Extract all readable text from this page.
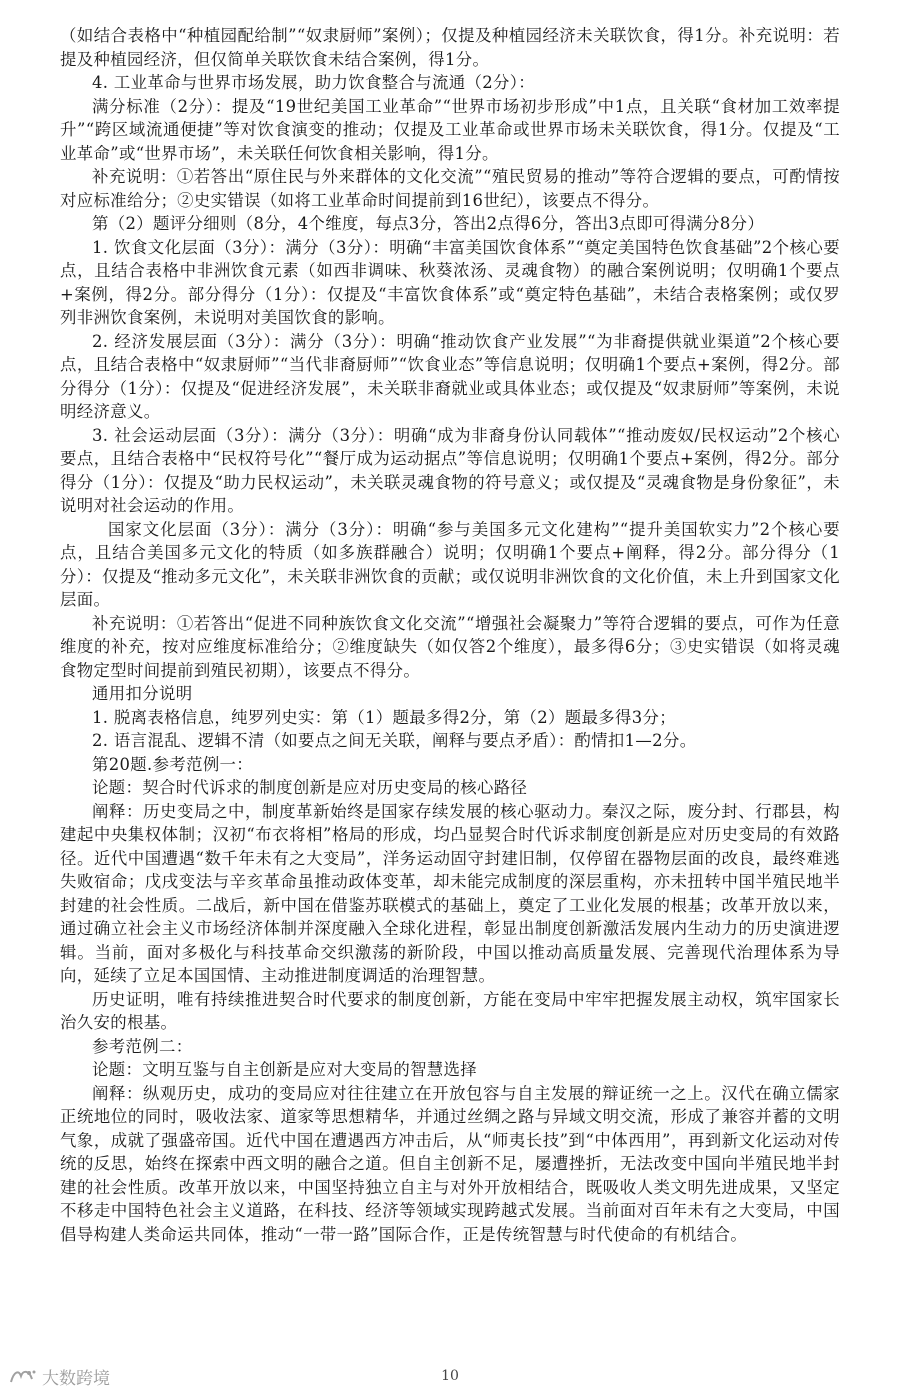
（如结合表格中“种植园配给制”“奴隶厨师”案例）；仅提及种植园经济未关联饮食，得1分。补充说明：若提及种植园经济，但仅简单关联饮食未结合案例，得1分。

4. 工业革命与世界市场发展，助力饮食整合与流通（2分）：

满分标准（2分）：提及“19世纪美国工业革命”“世界市场初步形成”中1点，且关联“食材加工效率提升”“跨区域流通便捷”等对饮食演变的推动；仅提及工业革命或世界市场未关联饮食，得1分。仅提及“工业革命”或“世界市场”，未关联任何饮食相关影响，得1分。

补充说明：①若答出“原住民与外来群体的文化交流”“殖民贸易的推动”等符合逻辑的要点，可酌情按对应标准给分；②史实错误（如将工业革命时间提前到16世纪），该要点不得分。

第（2）题评分细则（8分，4个维度，每点3分，答出2点得6分，答出3点即可得满分8分）

1. 饮食文化层面（3分）：满分（3分）：明确“丰富美国饮食体系”“奠定美国特色饮食基础”2个核心要点，且结合表格中非洲饮食元素（如西非调味、秋葵浓汤、灵魂食物）的融合案例说明；仅明确1个要点+案例，得2分。部分得分（1分）：仅提及“丰富饮食体系”或“奠定特色基础”，未结合表格案例；或仅罗列非洲饮食案例，未说明对美国饮食的影响。

2. 经济发展层面（3分）：满分（3分）：明确“推动饮食产业发展”“为非裔提供就业渠道”2个核心要点，且结合表格中“奴隶厨师”“当代非裔厨师”“饮食业态”等信息说明；仅明确1个要点+案例，得2分。部分得分（1分）：仅提及“促进经济发展”，未关联非裔就业或具体业态；或仅提及“奴隶厨师”等案例，未说明经济意义。

3. 社会运动层面（3分）：满分（3分）：明确“成为非裔身份认同载体”“推动废奴/民权运动”2个核心要点，且结合表格中“民权符号化”“餐厅成为运动据点”等信息说明；仅明确1个要点+案例，得2分。部分得分（1分）：仅提及“助力民权运动”，未关联灵魂食物的符号意义；或仅提及“灵魂食物是身份象征”，未说明对社会运动的作用。

国家文化层面（3分）：满分（3分）：明确“参与美国多元文化建构”“提升美国软实力”2个核心要点，且结合美国多元文化的特质（如多族群融合）说明；仅明确1个要点+阐释，得2分。部分得分（1分）：仅提及“推动多元文化”，未关联非洲饮食的贡献；或仅说明非洲饮食的文化价值，未上升到国家文化层面。

补充说明：①若答出“促进不同种族饮食文化交流”“增强社会凝聚力”等符合逻辑的要点，可作为任意维度的补充，按对应维度标准给分；②维度缺失（如仅答2个维度），最多得6分；③史实错误（如将灵魂食物定型时间提前到殖民初期），该要点不得分。

通用扣分说明

1. 脱离表格信息，纯罗列史实：第（1）题最多得2分，第（2）题最多得3分；

2. 语言混乱、逻辑不清（如要点之间无关联，阐释与要点矛盾）：酌情扣1—2分。

第20题.参考范例一：

论题：契合时代诉求的制度创新是应对历史变局的核心路径

阐释：历史变局之中，制度革新始终是国家存续发展的核心驱动力。秦汉之际，废分封、行郡县，构建起中央集权体制；汉初“布衣将相”格局的形成，均凸显契合时代诉求制度创新是应对历史变局的有效路径。近代中国遭遇“数千年未有之大变局”，洋务运动固守封建旧制，仅停留在器物层面的改良，最终难逃失败宿命；戊戌变法与辛亥革命虽推动政体变革，却未能完成制度的深层重构，亦未扭转中国半殖民地半封建的社会性质。二战后，新中国在借鉴苏联模式的基础上，奠定了工业化发展的根基；改革开放以来，通过确立社会主义市场经济体制并深度融入全球化进程，彰显出制度创新激活发展内生动力的历史演进逻辑。当前，面对多极化与科技革命交织激荡的新阶段，中国以推动高质量发展、完善现代治理体系为导向，延续了立足本国国情、主动推进制度调适的治理智慧。

历史证明，唯有持续推进契合时代要求的制度创新，方能在变局中牢牢把握发展主动权，筑牢国家长治久安的根基。

参考范例二：

论题：文明互鉴与自主创新是应对大变局的智慧选择

阐释：纵观历史，成功的变局应对往往建立在开放包容与自主发展的辩证统一之上。汉代在确立儒家正统地位的同时，吸收法家、道家等思想精华，并通过丝绸之路与异域文明交流，形成了兼容并蓄的文明气象，成就了强盛帝国。近代中国在遭遇西方冲击后，从“师夷长技”到“中体西用”，再到新文化运动对传统的反思，始终在探索中西文明的融合之道。但自主创新不足，屡遭挫折，无法改变中国向半殖民地半封建的社会性质。改革开放以来，中国坚持独立自主与对外开放相结合，既吸收人类文明先进成果，又坚定不移走中国特色社会主义道路，在科技、经济等领域实现跨越式发展。当前面对百年未有之大变局，中国倡导构建人类命运共同体，推动“一带一路”国际合作，正是传统智慧与时代使命的有机结合。

10
大数跨境
